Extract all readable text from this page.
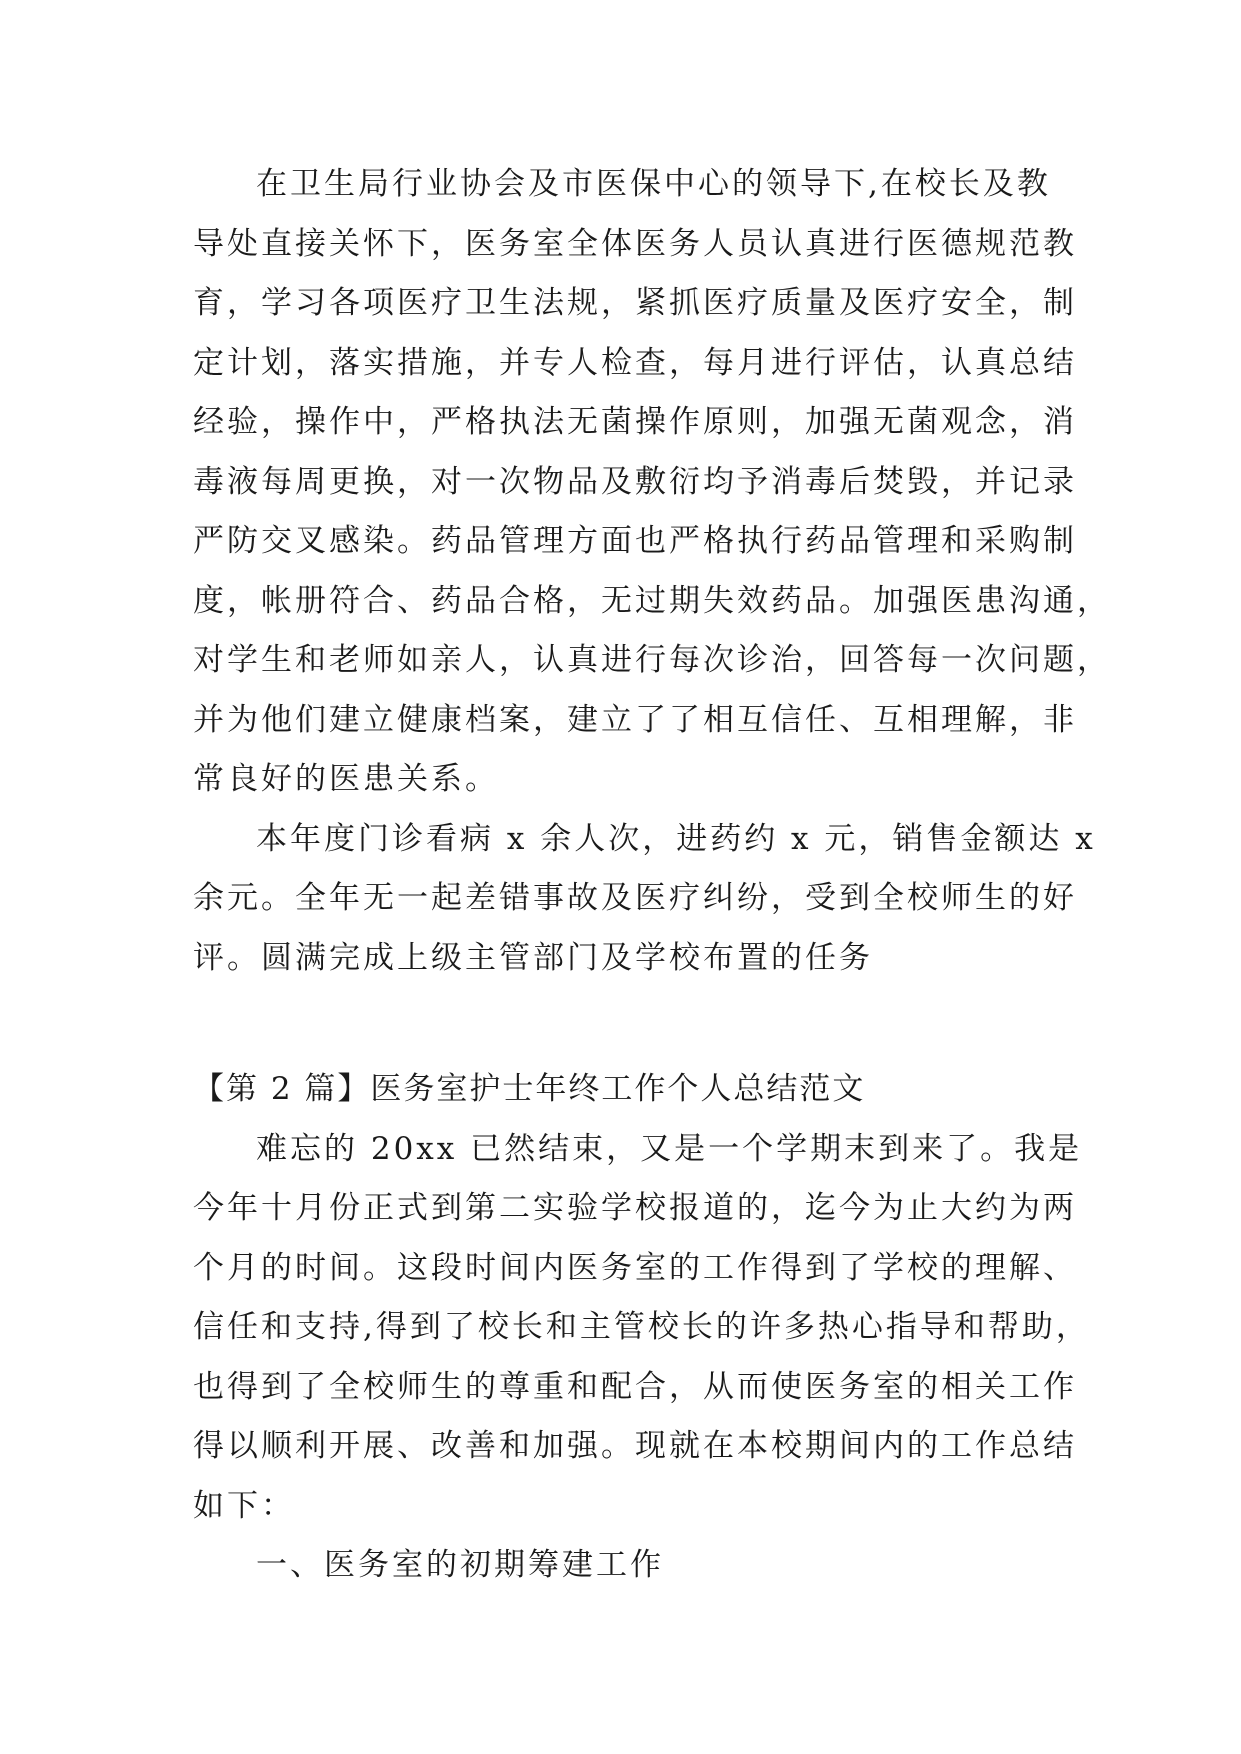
在卫生局行业协会及市医保中心的领导下,在校长及教
导处直接关怀下，医务室全体医务人员认真进行医德规范教
育，学习各项医疗卫生法规，紧抓医疗质量及医疗安全，制
定计划，落实措施，并专人检查，每月进行评估，认真总结
经验，操作中，严格执法无菌操作原则，加强无菌观念，消
毒液每周更换，对一次物品及敷衍均予消毒后焚毁，并记录
严防交叉感染。药品管理方面也严格执行药品管理和采购制
度，帐册符合、药品合格，无过期失效药品。加强医患沟通，
对学生和老师如亲人，认真进行每次诊治，回答每一次问题，
并为他们建立健康档案，建立了了相互信任、互相理解，非
常良好的医患关系。
本年度门诊看病 x 余人次，进药约 x 元，销售金额达 x
余元。全年无一起差错事故及医疗纠纷，受到全校师生的好
评。圆满完成上级主管部门及学校布置的任务
【第 2 篇】医务室护士年终工作个人总结范文
难忘的 20xx 已然结束，又是一个学期末到来了。我是
今年十月份正式到第二实验学校报道的，迄今为止大约为两
个月的时间。这段时间内医务室的工作得到了学校的理解、
信任和支持,得到了校长和主管校长的许多热心指导和帮助，
也得到了全校师生的尊重和配合，从而使医务室的相关工作
得以顺利开展、改善和加强。现就在本校期间内的工作总结
如下：
一、医务室的初期筹建工作
